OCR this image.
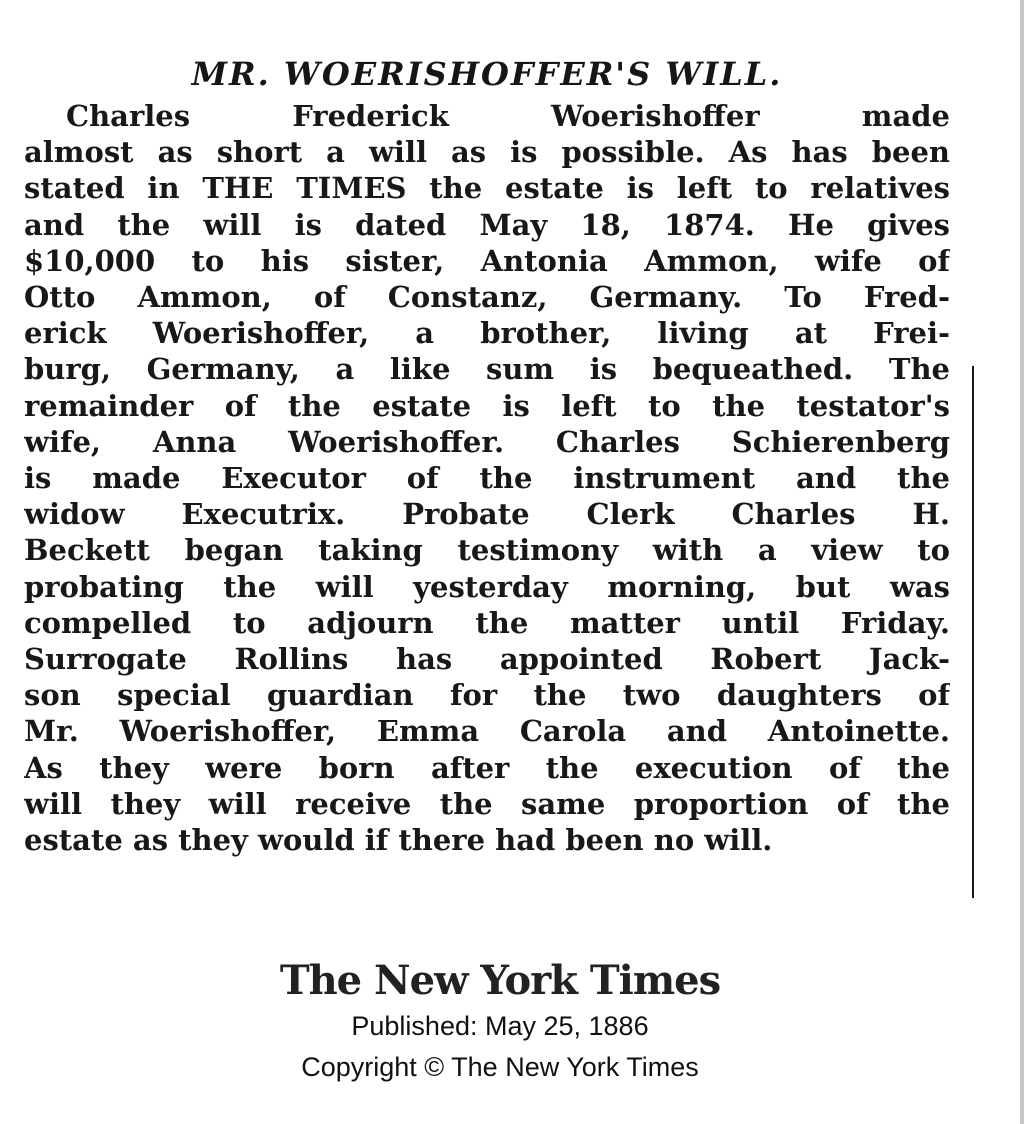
MR. WOERISHOFFER'S WILL.
Charles Frederick Woerishoffer made
almost as short a will as is possible. As has been
stated in THE TIMES the estate is left to relatives
and the will is dated May 18, 1874. He gives
$10,000 to his sister, Antonia Ammon, wife of
Otto Ammon, of Constanz, Germany. To Fred-
erick Woerishoffer, a brother, living at Frei-
burg, Germany, a like sum is bequeathed. The
remainder of the estate is left to the testator's
wife, Anna Woerishoffer. Charles Schierenberg
is made Executor of the instrument and the
widow Executrix. Probate Clerk Charles H.
Beckett began taking testimony with a view to
probating the will yesterday morning, but was
compelled to adjourn the matter until Friday.
Surrogate Rollins has appointed Robert Jack-
son special guardian for the two daughters of
Mr. Woerishoffer, Emma Carola and Antoinette.
As they were born after the execution of the
will they will receive the same proportion of the
estate as they would if there had been no will.
The New York Times
Published: May 25, 1886
Copyright © The New York Times
